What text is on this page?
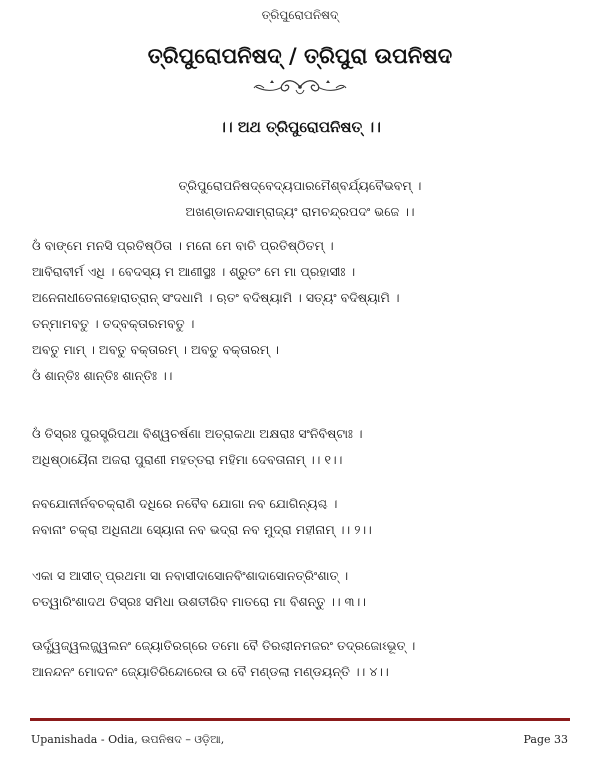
ତ୍ରିପୁରୋପନିଷଦ୍
ତ୍ରିପୁରୋପନିଷଦ୍ / ତ୍ରିପୁରା ଉପନିଷଦ
।। ଅଥ ତ୍ରିପୁରୋପନିଷତ୍ ।।
ତ୍ରିପୁରୋପନିଷଦ୍ବେଦ୍ୟପାରମୈଶ୍ବର୍ଯ୍ୟବୈଭବମ୍ ।
ଅଖଣ୍ଡାନନ୍ଦସାମ୍ରାଜ୍ୟଂ ରାମଚନ୍ଦ୍ରପଦଂ ଭଜେ ।।
ଓଁ ବାଙ୍ମେ ମନସି ପ୍ରତିଷ୍ଠିତା । ମନୋ ମେ ବାଚି ପ୍ରତିଷ୍ଠିତମ୍ ।
ଆବିରାବୀର୍ମ ଏଧି । ବେଦସ୍ୟ ମ ଆଣୀସ୍ଥଃ । ଶ୍ରୁତଂ ମେ ମା ପ୍ରହାସୀଃ ।
ଅନେନାଧୀତେନାହୋରାତ୍ରାନ୍ ସଂଦଧାମି । ଋତଂ ବଦିଷ୍ୟାମି । ସତ୍ୟଂ ବଦିଷ୍ୟାମି ।
ତନ୍ମାମବତୁ । ତଦ୍ବକ୍ତାରମବତୁ ।
ଅବତୁ ମାମ୍ । ଅବତୁ ବକ୍ତାରମ୍ । ଅବତୁ ବକ୍ତାରମ୍ ।
ଓଁ ଶାନ୍ତିଃ ଶାନ୍ତିଃ ଶାନ୍ତିଃ ।।
ଓଁ ତିସ୍ରଃ ପୁରସ୍ତ୍ରିପଥା ବିଶ୍ୱଚର୍ଷଣା ଅତ୍ରାକଥା ଅକ୍ଷରାଃ ସଂନିବିଷ୍ଟାଃ ।
ଅଧିଷ୍ଠାୟୈନା ଅଜରା ପୁରାଣୀ ମହତ୍ତରା ମହିମା ଦେବତାନାମ୍ ।। ୧।।
ନବଯୋନୀର୍ନବଚକ୍ରାଣି ଦଧିରେ ନବୈବ ଯୋଗା ନବ ଯୋଗିନ୍ୟଶ୍ଚ ।
ନବାନାଂ ଚକ୍ରା ଅଧିନାଥା ସ୍ୟୋନା ନବ ଭଦ୍ରା ନବ ମୁଦ୍ରା ମହୀନାମ୍ ।। ୨।।
ଏକା ସ ଆସୀତ୍ ପ୍ରଥମା ସା ନବାସୀଦାସୋନବିଂଶାଦାସୋନତ୍ରିଂଶାତ୍ ।
ଚତ୍ୱାରିଂଶାଦଥ ତିସ୍ରଃ ସମିଧା ଉଶତୀରିବ ମାତରୋ ମା ବିଶନ୍ତୁ ।। ୩।।
ଊର୍ଦ୍ଧ୍ୱଜ୍ୱଲଜ୍ଜ୍ୱଲନଂ ଜ୍ୟୋତିରଗ୍ରେ ତମୋ ବୈ ତିରଶ୍ଚୀନମଜରଂ ତଦ୍ରଜୋଽଭୂତ୍ ।
ଆନନ୍ଦନଂ ମୋଦନଂ ଜ୍ୟୋତିରିନ୍ଦୋରେତା ଉ ବୈ ମଣ୍ଡଲା ମଣ୍ଡୟନ୍ତି ।। ୪।।
Upanishada - Odia, ଉପନିଷଦ – ଓଡ଼ିଆ,	Page 33
